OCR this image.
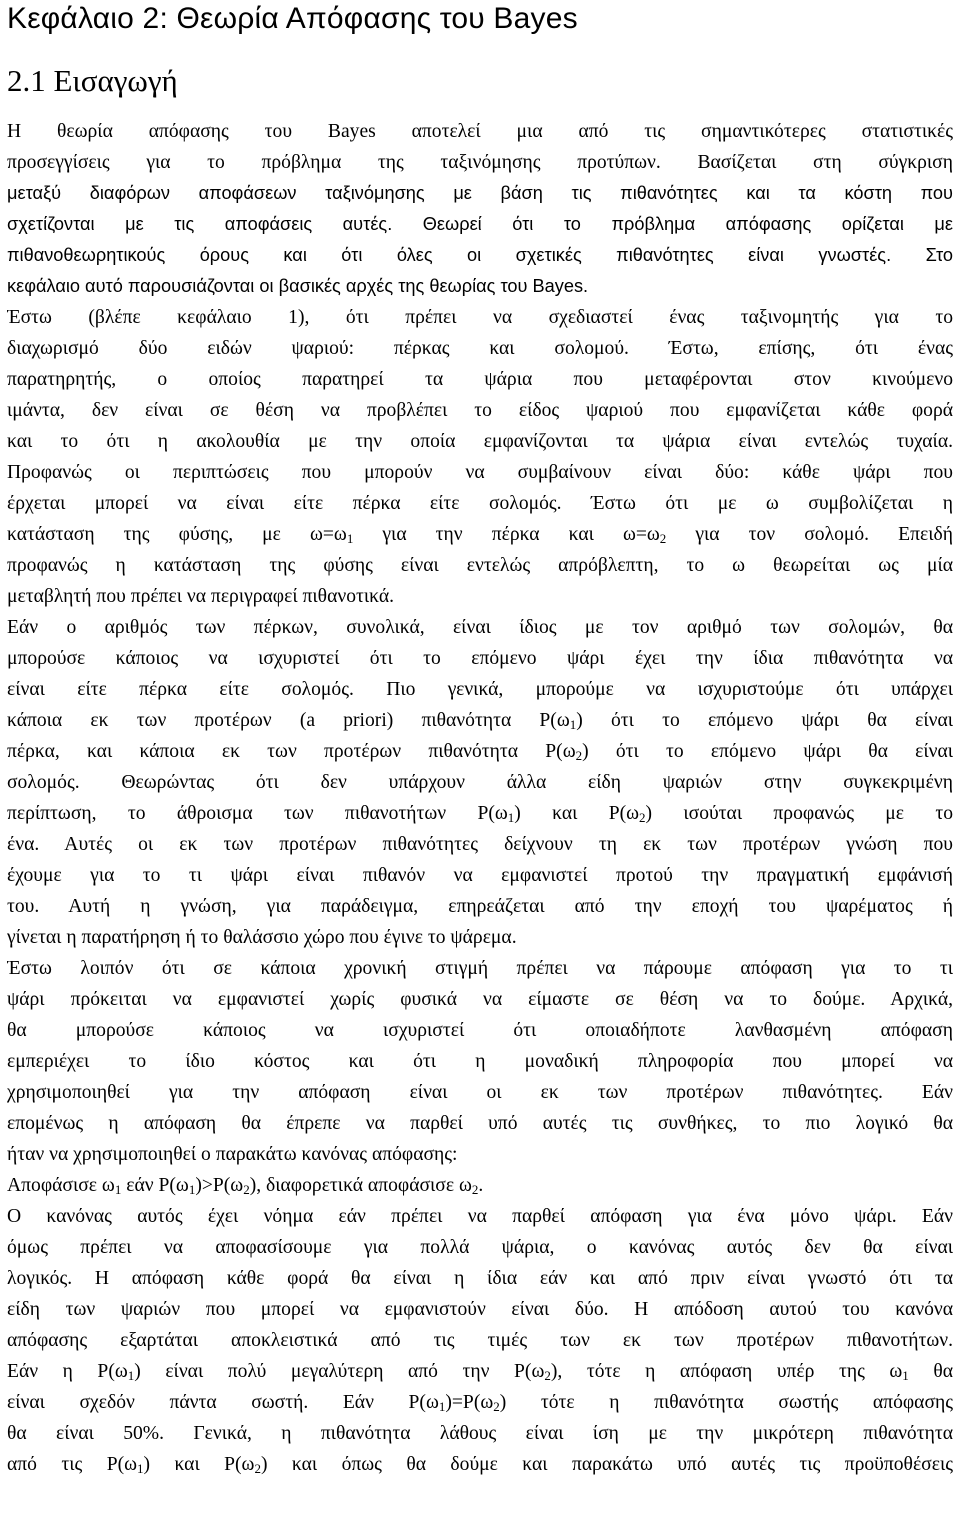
Κεφάλαιο 2: Θεωρία Απόφασης του Bayes
2.1 Εισαγωγή
Η θεωρία απόφασης του Bayes αποτελεί μια από τις σημαντικότερες στατιστικές
προσεγγίσεις για το πρόβλημα της ταξινόμησης προτύπων. Βασίζεται στη σύγκριση
μεταξύ διαφόρων αποφάσεων ταξινόμησης με βάση τις πιθανότητες και τα κόστη που
σχετίζονται με τις αποφάσεις αυτές. Θεωρεί ότι το πρόβλημα απόφασης ορίζεται με
πιθανοθεωρητικούς όρους και ότι όλες οι σχετικές πιθανότητες είναι γνωστές. Στο
κεφάλαιο αυτό παρουσιάζονται οι βασικές αρχές της θεωρίας του Bayes.
Έστω (βλέπε κεφάλαιο 1), ότι πρέπει να σχεδιαστεί ένας ταξινομητής για το
διαχωρισμό δύο ειδών ψαριού: πέρκας και σολομού. Έστω, επίσης, ότι ένας
παρατηρητής, ο οποίος παρατηρεί τα ψάρια που μεταφέρονται στον κινούμενο
ιμάντα, δεν είναι σε θέση να προβλέπει το είδος ψαριού που εμφανίζεται κάθε φορά
και το ότι η ακολουθία με την οποία εμφανίζονται τα ψάρια είναι εντελώς τυχαία.
Προφανώς οι περιπτώσεις που μπορούν να συμβαίνουν είναι δύο: κάθε ψάρι που
έρχεται μπορεί να είναι είτε πέρκα είτε σολομός. Έστω ότι με ω συμβολίζεται η
κατάσταση της φύσης, με $\omega=\omega_1$ για την πέρκα και $\omega=\omega_2$ για τον σολομό. Επειδή
προφανώς η κατάσταση της φύσης είναι εντελώς απρόβλεπτη, το ω θεωρείται ως μία
μεταβλητή που πρέπει να περιγραφεί πιθανοτικά.
Εάν ο αριθμός των πέρκων, συνολικά, είναι ίδιος με τον αριθμό των σολομών, θα
μπορούσε κάποιος να ισχυριστεί ότι το επόμενο ψάρι έχει την ίδια πιθανότητα να
είναι είτε πέρκα είτε σολομός. Πιο γενικά, μπορούμε να ισχυριστούμε ότι υπάρχει
κάποια εκ των προτέρων (a priori) πιθανότητα $P(\omega_1)$ ότι το επόμενο ψάρι θα είναι
πέρκα, και κάποια εκ των προτέρων πιθανότητα $P(\omega_2)$ ότι το επόμενο ψάρι θα είναι
σολομός. Θεωρώντας ότι δεν υπάρχουν άλλα είδη ψαριών στην συγκεκριμένη
περίπτωση, το άθροισμα των πιθανοτήτων $P(\omega_1)$ και $P(\omega_2)$ ισούται προφανώς με το
ένα. Αυτές οι εκ των προτέρων πιθανότητες δείχνουν τη εκ των προτέρων γνώση που
έχουμε για το τι ψάρι είναι πιθανόν να εμφανιστεί προτού την πραγματική εμφάνισή
του. Αυτή η γνώση, για παράδειγμα, επηρεάζεται από την εποχή του ψαρέματος ή
γίνεται η παρατήρηση ή το θαλάσσιο χώρο που έγινε το ψάρεμα.
Έστω λοιπόν ότι σε κάποια χρονική στιγμή πρέπει να πάρουμε απόφαση για το τι
ψάρι πρόκειται να εμφανιστεί χωρίς φυσικά να είμαστε σε θέση να το δούμε. Αρχικά,
θα μπορούσε κάποιος να ισχυριστεί ότι οποιαδήποτε λανθασμένη απόφαση
εμπεριέχει το ίδιο κόστος και ότι η μοναδική πληροφορία που μπορεί να
χρησιμοποιηθεί για την απόφαση είναι οι εκ των προτέρων πιθανότητες. Εάν
επομένως η απόφαση θα έπρεπε να παρθεί υπό αυτές τις συνθήκες, το πιο λογικό θα
ήταν να χρησιμοποιηθεί ο παρακάτω κανόνας απόφασης:
Αποφάσισε $\omega_1$ εάν $P(\omega_1)>P(\omega_2)$, διαφορετικά αποφάσισε $\omega_2$.
Ο κανόνας αυτός έχει νόημα εάν πρέπει να παρθεί απόφαση για ένα μόνο ψάρι. Εάν
όμως πρέπει να αποφασίσουμε για πολλά ψάρια, ο κανόνας αυτός δεν θα είναι
λογικός. Η απόφαση κάθε φορά θα είναι η ίδια εάν και από πριν είναι γνωστό ότι τα
είδη των ψαριών που μπορεί να εμφανιστούν είναι δύο. Η απόδοση αυτού του κανόνα
απόφασης εξαρτάται αποκλειστικά από τις τιμές των εκ των προτέρων πιθανοτήτων.
Εάν η $P(\omega_1)$ είναι πολύ μεγαλύτερη από την $P(\omega_2)$, τότε η απόφαση υπέρ της $\omega_1$ θα
είναι σχεδόν πάντα σωστή. Εάν $P(\omega_1)=P(\omega_2)$ τότε η πιθανότητα σωστής απόφασης
θα είναι 50%. Γενικά, η πιθανότητα λάθους είναι ίση με την μικρότερη πιθανότητα
από τις $P(\omega_1)$ και $P(\omega_2)$ και όπως θα δούμε και παρακάτω υπό αυτές τις προϋποθέσεις
